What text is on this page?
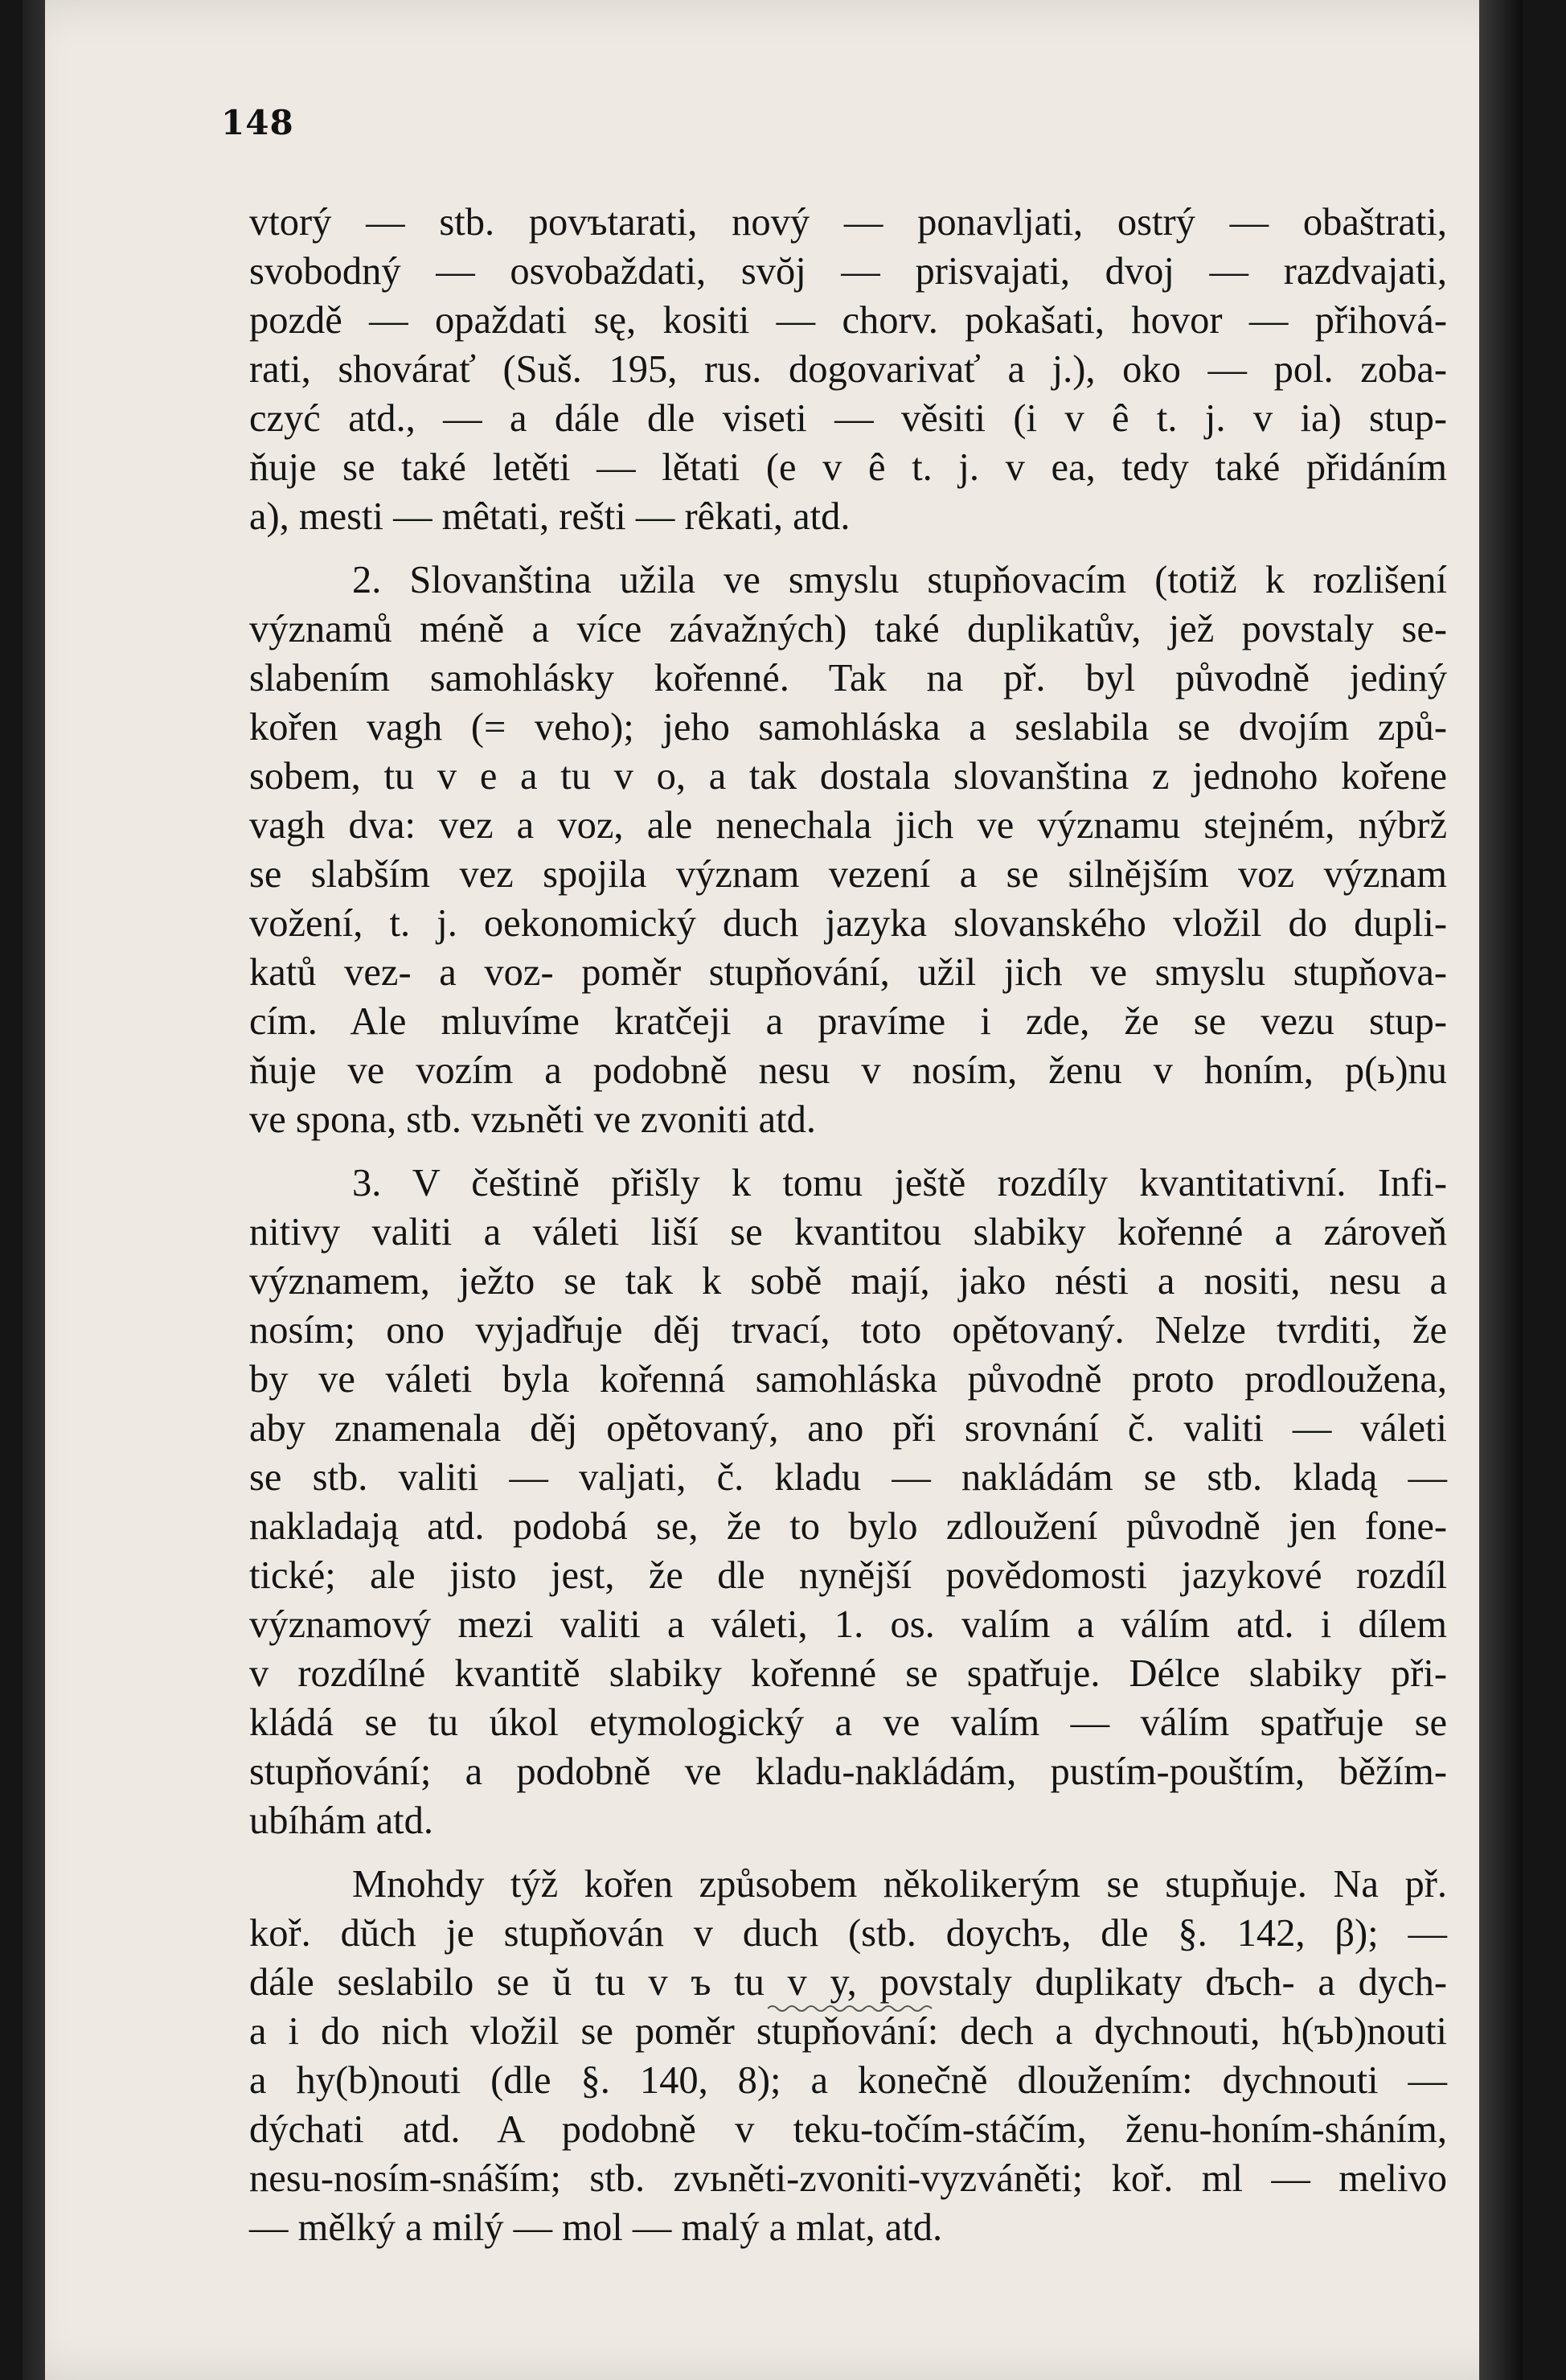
148
vtorý — stb. povъtarati, nový — ponavljati, ostrý — obaštrati,
svobodný — osvobaždati, svŏj — prisvajati, dvoj — razdvajati,
pozdě — opaždati sę, kositi — chorv. pokašati, hovor — přihová-
rati, shovárať (Suš. 195, rus. dogovarivať a j.), oko — pol. zoba-
czyć atd., — a dále dle viseti — věsiti (i v ê t. j. v ia) stup-
ňuje se také letěti — lětati (e v ê t. j. v ea, tedy také přidáním
a), mesti — mêtati, rešti — rêkati, atd.
2. Slovanština užila ve smyslu stupňovacím (totiž k rozlišení
významů méně a více závažných) také duplikatův, jež povstaly se-
slabením samohlásky kořenné. Tak na př. byl původně jediný
kořen vagh (= veho); jeho samohláska a seslabila se dvojím způ-
sobem, tu v e a tu v o, a tak dostala slovanština z jednoho kořene
vagh dva: vez a voz, ale nenechala jich ve významu stejném, nýbrž
se slabším vez spojila význam vezení a se silnějším voz význam
vožení, t. j. oekonomický duch jazyka slovanského vložil do dupli-
katů vez- a voz- poměr stupňování, užil jich ve smyslu stupňova-
cím. Ale mluvíme kratčeji a pravíme i zde, že se vezu stup-
ňuje ve vozím a podobně nesu v nosím, ženu v honím, p(ь)nu
ve spona, stb. vzьněti ve zvoniti atd.
3. V češtině přišly k tomu ještě rozdíly kvantitativní. Infi-
nitivy valiti a váleti liší se kvantitou slabiky kořenné a zároveň
významem, ježto se tak k sobě mají, jako nésti a nositi, nesu a
nosím; ono vyjadřuje děj trvací, toto opětovaný. Nelze tvrditi, že
by ve váleti byla kořenná samohláska původně proto prodloužena,
aby znamenala děj opětovaný, ano při srovnání č. valiti — váleti
se stb. valiti — valjati, č. kladu — nakládám se stb. kladą —
nakladają atd. podobá se, že to bylo zdloužení původně jen fone-
tické; ale jisto jest, že dle nynější povědomosti jazykové rozdíl
významový mezi valiti a váleti, 1. os. valím a válím atd. i dílem
v rozdílné kvantitě slabiky kořenné se spatřuje. Délce slabiky při-
kládá se tu úkol etymologický a ve valím — válím spatřuje se
stupňování; a podobně ve kladu-nakládám, pustím-pouštím, běžím-
ubíhám atd.
Mnohdy týž kořen způsobem několikerým se stupňuje. Na př.
koř. dŭch je stupňován v duch (stb. doуchъ, dle §. 142, β); —
dále seslabilo se ŭ tu v ъ tu v y, povstaly duplikaty dъch- a dych-
a i do nich vložil se poměr stupňování: dech a dychnouti, h(ъb)nouti
a hy(b)nouti (dle §. 140, 8); a konečně dloužením: dychnouti —
dýchati atd. A podobně v teku-točím-stáčím, ženu-honím-sháním,
nesu-nosím-snáším; stb. zvьněti-zvoniti-vyzváněti; koř. ml — melivo
— mělký a milý — mol — malý a mlat, atd.
